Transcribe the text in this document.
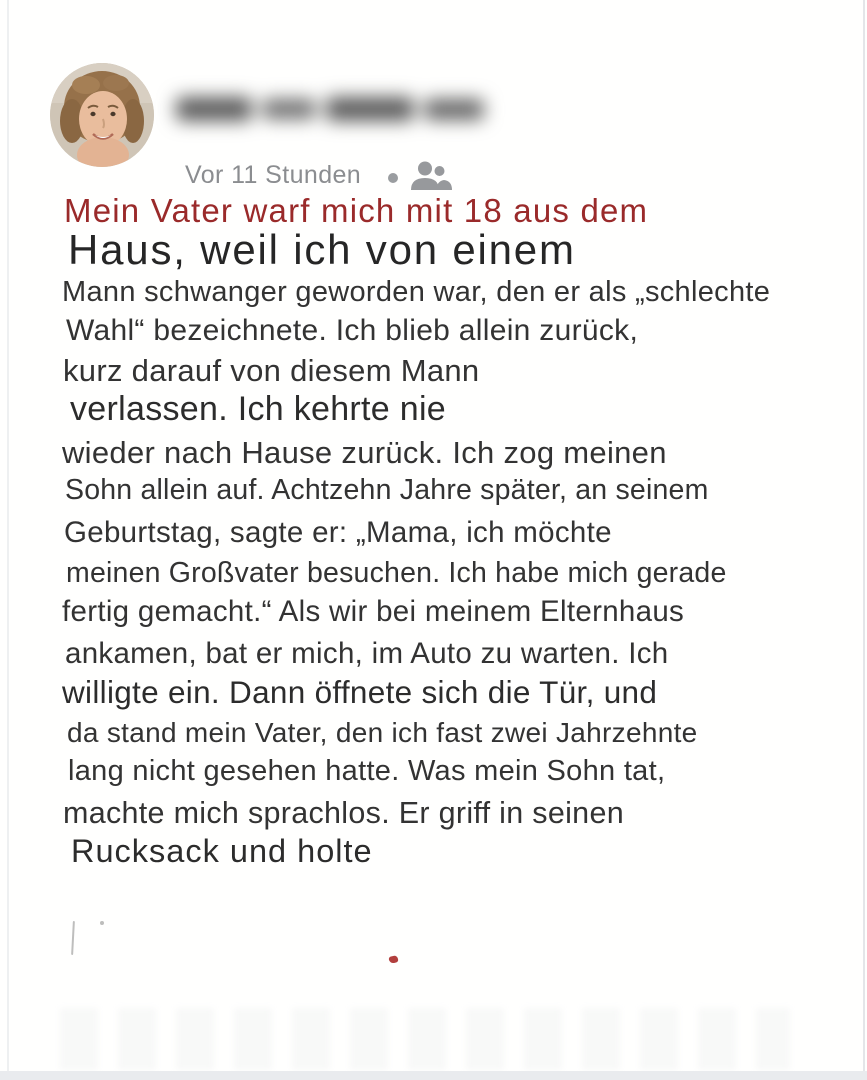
Vor 11 Stunden
Mein Vater warf mich mit 18 aus dem
Haus, weil ich von einem
Mann schwanger geworden war, den er als „schlechte
Wahl“ bezeichnete. Ich blieb allein zurück,
kurz darauf von diesem Mann
verlassen. Ich kehrte nie
wieder nach Hause zurück. Ich zog meinen
Sohn allein auf. Achtzehn Jahre später, an seinem
Geburtstag, sagte er: „Mama, ich möchte
meinen Großvater besuchen. Ich habe mich gerade
fertig gemacht.“ Als wir bei meinem Elternhaus
ankamen, bat er mich, im Auto zu warten. Ich
willigte ein. Dann öffnete sich die Tür, und
da stand mein Vater, den ich fast zwei Jahrzehnte
lang nicht gesehen hatte. Was mein Sohn tat,
machte mich sprachlos. Er griff in seinen
Rucksack und holte
